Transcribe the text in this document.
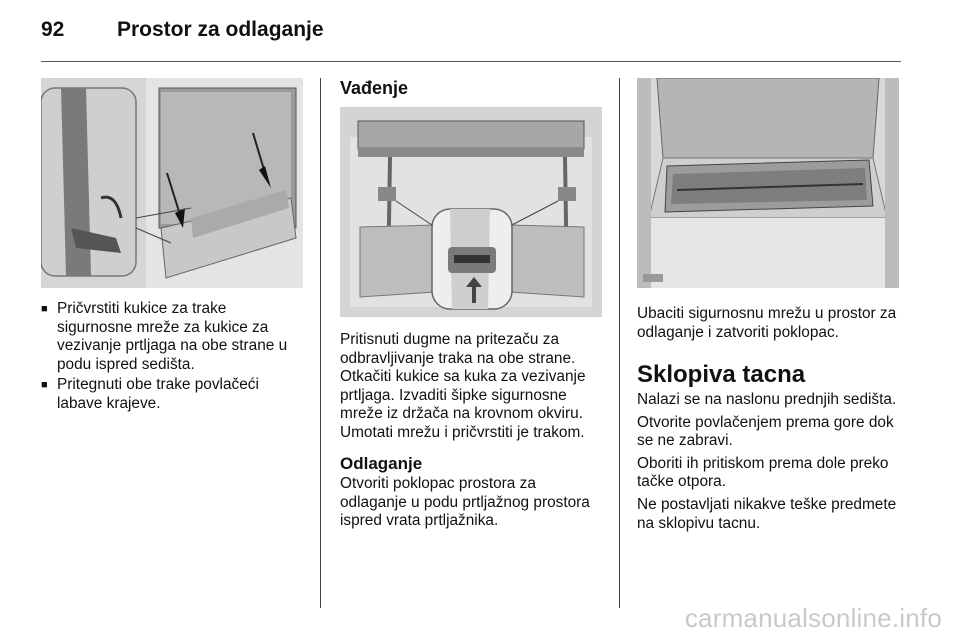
92	Prostor za odlaganje
■ Pričvrstiti kukice za trake sigurnosne mreže za kukice za vezivanje prtljaga na obe strane u podu ispred sedišta.
■ Pritegnuti obe trake povlačeći labave krajeve.
Vađenje

Pritisnuti dugme na pritezaču za odbravljivanje traka na obe strane. Otkačiti kukice sa kuka za vezivanje prtljaga. Izvaditi šipke sigurnosne mreže iz držača na krovnom okviru. Umotati mrežu i pričvrstiti je trakom.

Odlaganje

Otvoriti poklopac prostora za odlaganje u podu prtljažnog prostora ispred vrata prtljažnika.

Ubaciti sigurnosnu mrežu u prostor za odlaganje i zatvoriti poklopac.

Sklopiva tacna

Nalazi se na naslonu prednjih sedišta.

Otvorite povlačenjem prema gore dok se ne zabravi.

Oboriti ih pritiskom prema dole preko tačke otpora.

Ne postavljati nikakve teške predmete na sklopivu tacnu.

carmanualsonline.info
